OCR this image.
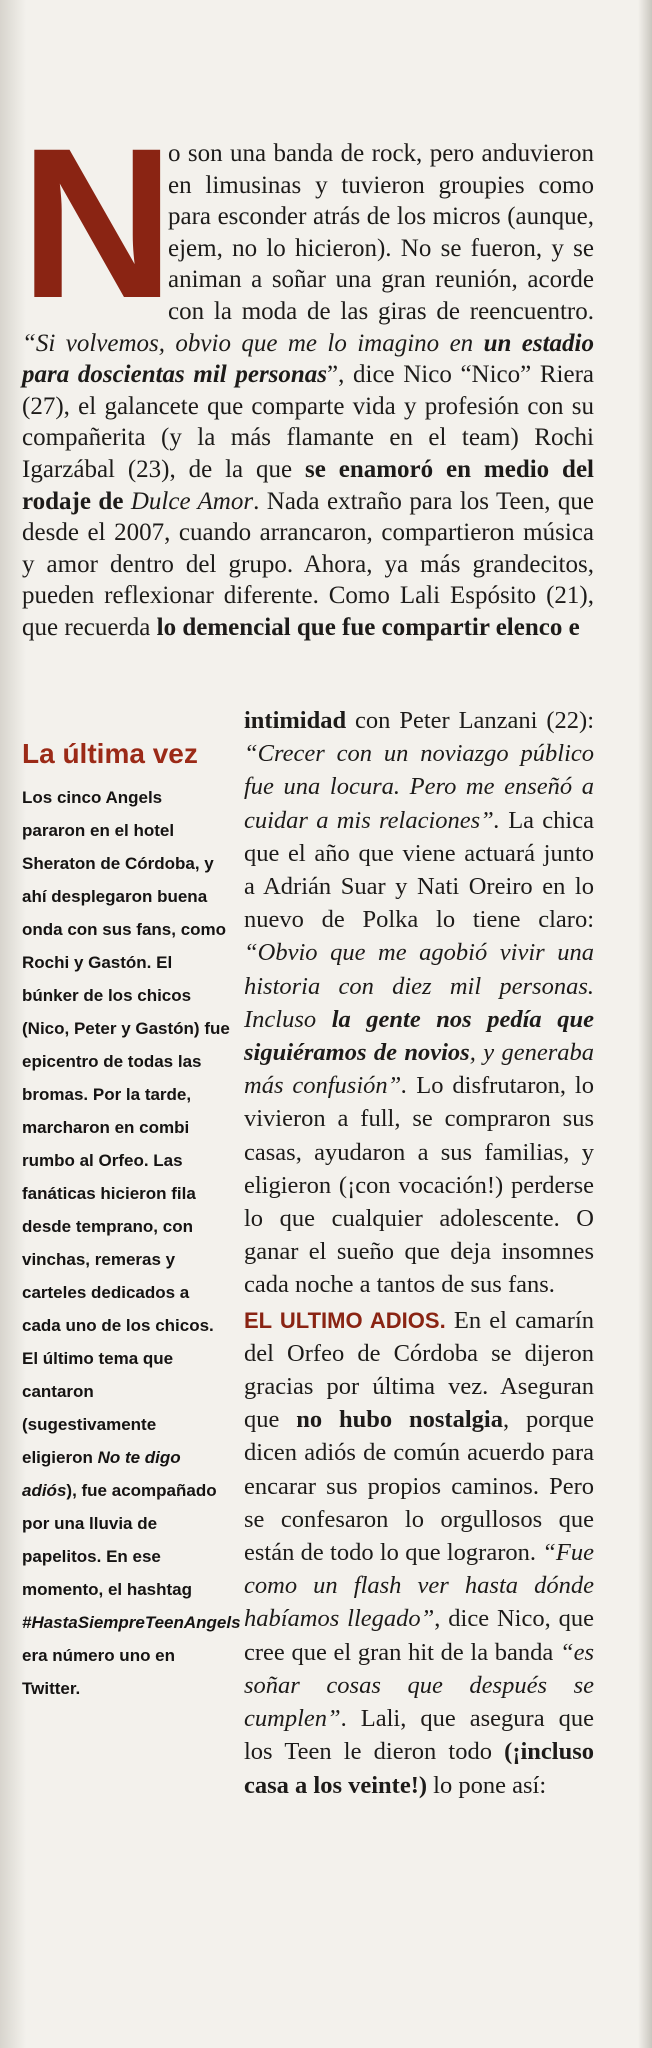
N o son una banda de rock, pero anduvieron en limusinas y tuvieron groupies como para esconder atrás de los micros (aunque, ejem, no lo hicieron). No se fueron, y se animan a soñar una gran reunión, acorde con la moda de las giras de reencuentro. “Si volvemos, obvio que me lo imagino en un estadio para doscientas mil personas”, dice Nico “Nico” Riera (27), el galancete que comparte vida y profesión con su compañerita (y la más flamante en el team) Rochi Igarzábal (23), de la que se enamoró en medio del rodaje de Dulce Amor. Nada extraño para los Teen, que desde el 2007, cuando arrancaron, compartieron música y amor dentro del grupo. Ahora, ya más grandecitos, pueden reflexionar diferente. Como Lali Espósito (21), que recuerda lo demencial que fue compartir elenco e
La última vez
Los cinco Angels pararon en el hotel Sheraton de Córdoba, y ahí desplegaron buena onda con sus fans, como Rochi y Gastón. El búnker de los chicos (Nico, Peter y Gastón) fue epicentro de todas las bromas. Por la tarde, marcharon en combi rumbo al Orfeo. Las fanáticas hicieron fila desde temprano, con vinchas, remeras y carteles dedicados a cada uno de los chicos. El último tema que cantaron (sugestivamente eligieron No te digo adiós), fue acompañado por una lluvia de papelitos. En ese momento, el hashtag #HastaSiempreTeenAngels era número uno en Twitter.
intimidad con Peter Lanzani (22): “Crecer con un noviazgo público fue una locura. Pero me enseñó a cuidar a mis relaciones”. La chica que el año que viene actuará junto a Adrián Suar y Nati Oreiro en lo nuevo de Polka lo tiene claro: “Obvio que me agobió vivir una historia con diez mil personas. Incluso la gente nos pedía que siguiéramos de novios, y generaba más confusión”. Lo disfrutaron, lo vivieron a full, se compraron sus casas, ayudaron a sus familias, y eligieron (¡con vocación!) perderse lo que cualquier adolescente. O ganar el sueño que deja insomnes cada noche a tantos de sus fans.
EL ULTIMO ADIOS. En el camarín del Orfeo de Córdoba se dijeron gracias por última vez. Aseguran que no hubo nostalgia, porque dicen adiós de común acuerdo para encarar sus propios caminos. Pero se confesaron lo orgullosos que están de todo lo que lograron. “Fue como un flash ver hasta dónde habíamos llegado”, dice Nico, que cree que el gran hit de la banda “es soñar cosas que después se cumplen”. Lali, que asegura que los Teen le dieron todo (¡incluso casa a los veinte!) lo pone así:
